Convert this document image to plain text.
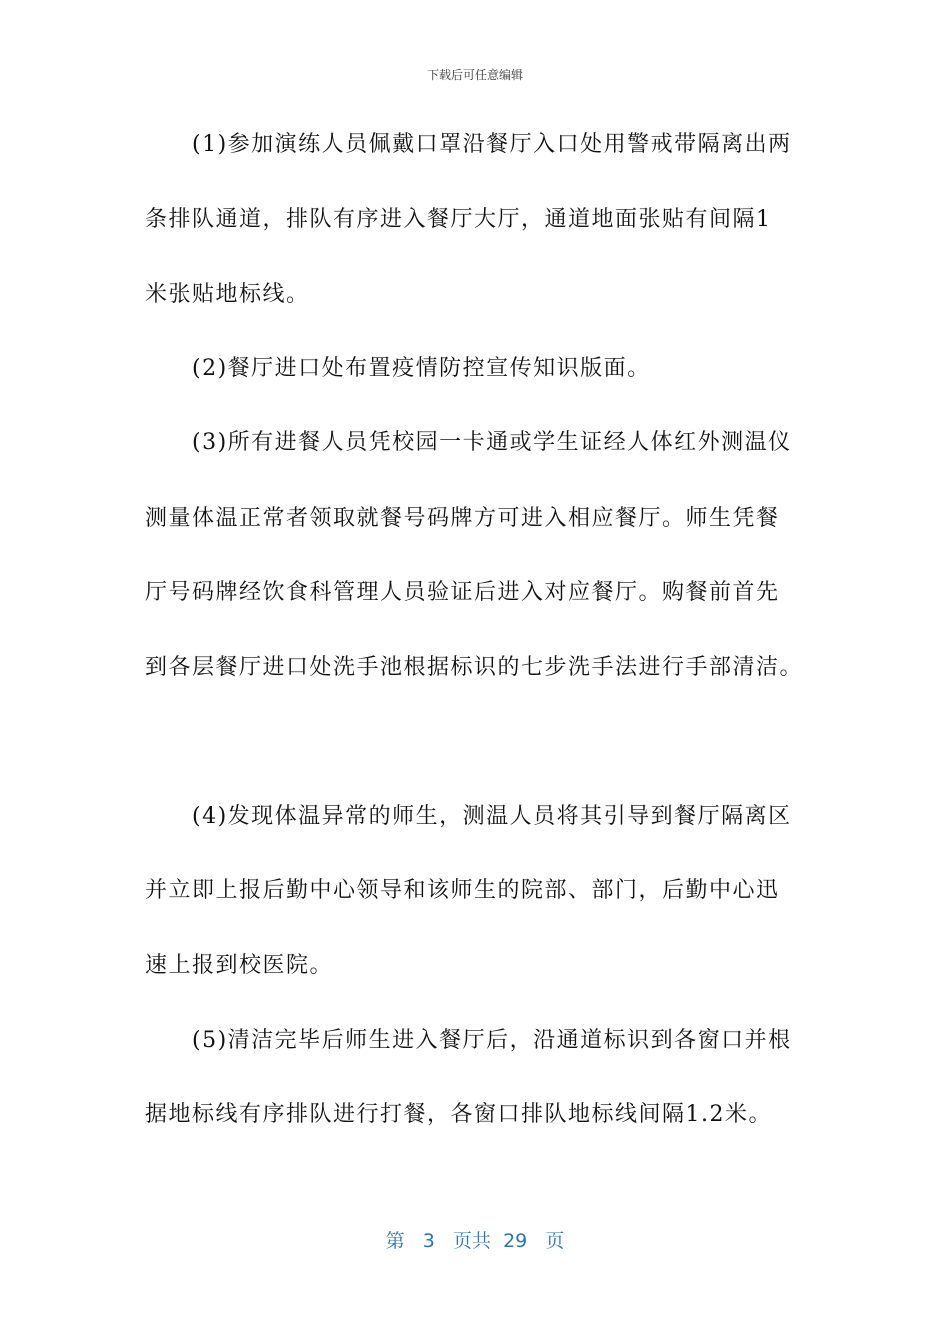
下载后可任意编辑
　　(1)参加演练人员佩戴口罩沿餐厅入口处用警戒带隔离出两
条排队通道，排队有序进入餐厅大厅，通道地面张贴有间隔1
米张贴地标线。
　　(2)餐厅进口处布置疫情防控宣传知识版面。
　　(3)所有进餐人员凭校园一卡通或学生证经人体红外测温仪
测量体温正常者领取就餐号码牌方可进入相应餐厅。师生凭餐
厅号码牌经饮食科管理人员验证后进入对应餐厅。购餐前首先
到各层餐厅进口处洗手池根据标识的七步洗手法进行手部清洁。
　　(4)发现体温异常的师生，测温人员将其引导到餐厅隔离区
并立即上报后勤中心领导和该师生的院部、部门，后勤中心迅
速上报到校医院。
　　(5)清洁完毕后师生进入餐厅后，沿通道标识到各窗口并根
据地标线有序排队进行打餐，各窗口排队地标线间隔1.2米。
第 3 页共 29 页
